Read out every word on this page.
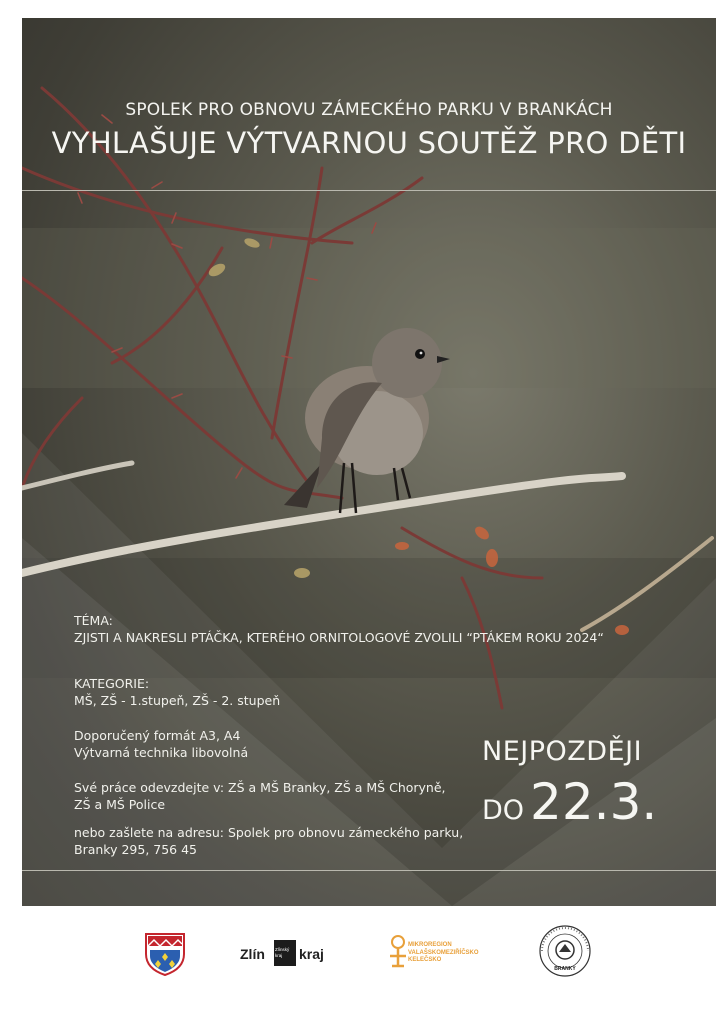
SPOLEK PRO OBNOVU ZÁMECKÉHO PARKU V BRANKÁCH
VYHLAŠUJE VÝTVARNOU SOUTĚŽ PRO DĚTI

TÉMA:

ZJISTI A NAKRESLI PTÁČKA, KTERÉHO ORNITOLOGOVÉ ZVOLILI “PTÁKEM ROKU 2024“

KATEGORIE:

MŠ, ZŠ - 1.stupeň, ZŠ - 2. stupeň

Doporučený formát A3, A4

Výtvarná technika libovolná

Své práce odevzdejte v: ZŠ a MŠ Branky, ZŠ a MŠ Choryně,

ZŠ a MŠ Police

nebo zašlete na adresu: Spolek pro obnovu zámeckého parku,

Branky 295, 756 45

NEJPOZDĚJI
DO 22.3.
Zlín Zlínský
kraj	kraj
MIKROREGION
VALAŠSKOMEZIŘÍČSKO
KELEČSKO
BRANKY
